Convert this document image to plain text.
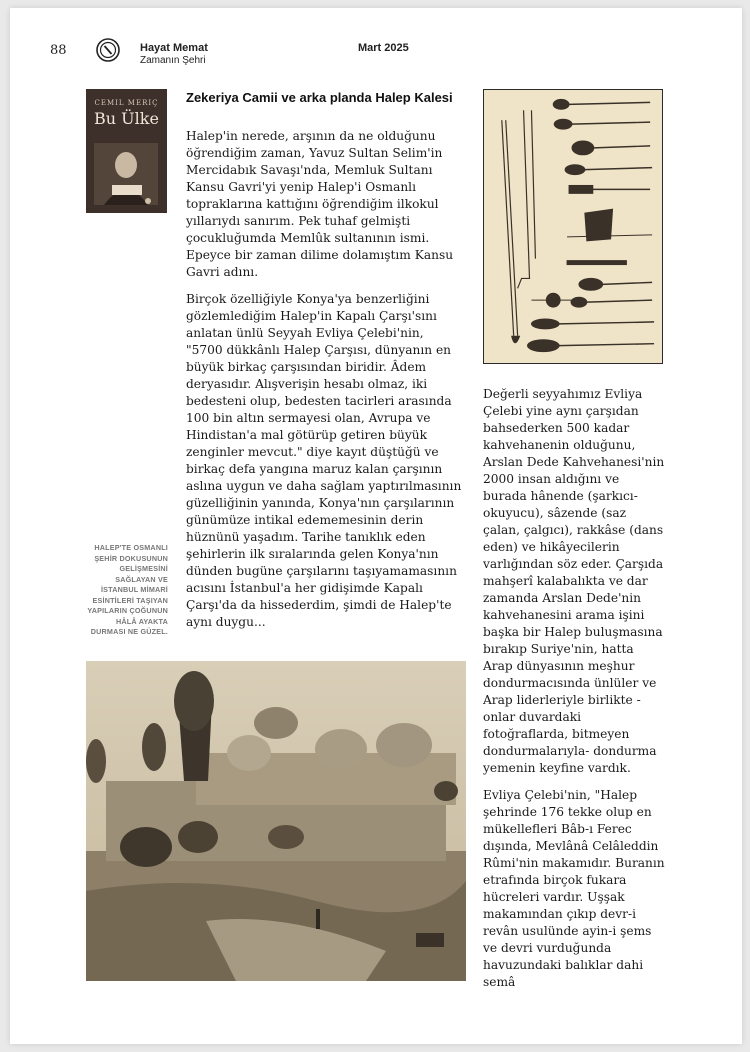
88	Hayat Memat
Zamanın Şehri
Mart 2025
CEMIL MERIÇ
Bu Ülke
Zekeriya Camii ve arka planda Halep Kalesi

Halep'in nerede, arşının da ne olduğunu öğrendiğim zaman, Yavuz Sultan Selim'in Mercidabık Savaşı'nda, Memluk Sultanı Kansu Gavri'yi yenip Halep'i Osmanlı topraklarına kattığını öğrendiğim ilkokul yıllarıydı sanırım. Pek tuhaf gelmişti çocukluğumda Memlûk sultanının ismi. Epeyce bir zaman dilime dolamıştım Kansu Gavri adını.

Birçok özelliğiyle Konya'ya benzerliğini gözlemlediğim Halep'in Kapalı Çarşı'sını anlatan ünlü Seyyah Evliya Çelebi'nin, "5700 dükkânlı Halep Çarşısı, dünyanın en büyük birkaç çarşısından biridir. Âdem deryasıdır. Alışverişin hesabı olmaz, iki bedesteni olup, bedesten tacirleri arasında 100 bin altın sermayesi olan, Avrupa ve Hindistan'a mal götürüp getiren büyük zenginler mevcut." diye kayıt düştüğü ve birkaç defa yangına maruz kalan çarşının aslına uygun ve daha sağlam yaptırılmasının güzelliğinin yanında, Konya'nın çarşılarının günümüze intikal edememesinin derin hüznünü yaşadım. Tarihe tanıklık eden şehirlerin ilk sıralarında gelen Konya'nın dünden bugüne çarşılarını taşıyamamasının acısını İstanbul'a her gidişimde Kapalı Çarşı'da da hissederdim, şimdi de Halep'te aynı duygu...

HALEP'TE OSMANLI ŞEHİR DOKUSUNUN GELİŞMESİNİ SAĞLAYAN VE İSTANBUL MİMARİ ESİNTİLERİ TAŞIYAN YAPILARIN ÇOĞUNUN HÂLÂ AYAKTA DURMASI NE GÜZEL.

Değerli seyyahımız Evliya Çelebi yine aynı çarşıdan bahsederken 500 kadar kahvehanenin olduğunu, Arslan Dede Kahvehanesi'nin 2000 insan aldığını ve burada hânende (şarkıcı-okuyucu), sâzende (saz çalan, çalgıcı), rakkâse (dans eden) ve hikâyecilerin varlığından söz eder. Çarşıda mahşerî kalabalıkta ve dar zamanda Arslan Dede'nin kahvehanesini arama işini başka bir Halep buluşmasına bırakıp Suriye'nin, hatta Arap dünyasının meşhur dondurmacısında ünlüler ve Arap liderleriyle birlikte -onlar duvardaki fotoğraflarda, bitmeyen dondurmalarıyla- dondurma yemenin keyfine vardık.

Evliya Çelebi'nin, "Halep şehrinde 176 tekke olup en mükellefleri Bâb-ı Ferec dışında, Mevlânâ Celâleddin Rûmi'nin makamıdır. Buranın etrafında birçok fukara hücreleri vardır. Uşşak makamından çıkıp devr-i revân usulünde ayin-i şems ve devri vurduğunda havuzundaki balıklar dahi semâ
